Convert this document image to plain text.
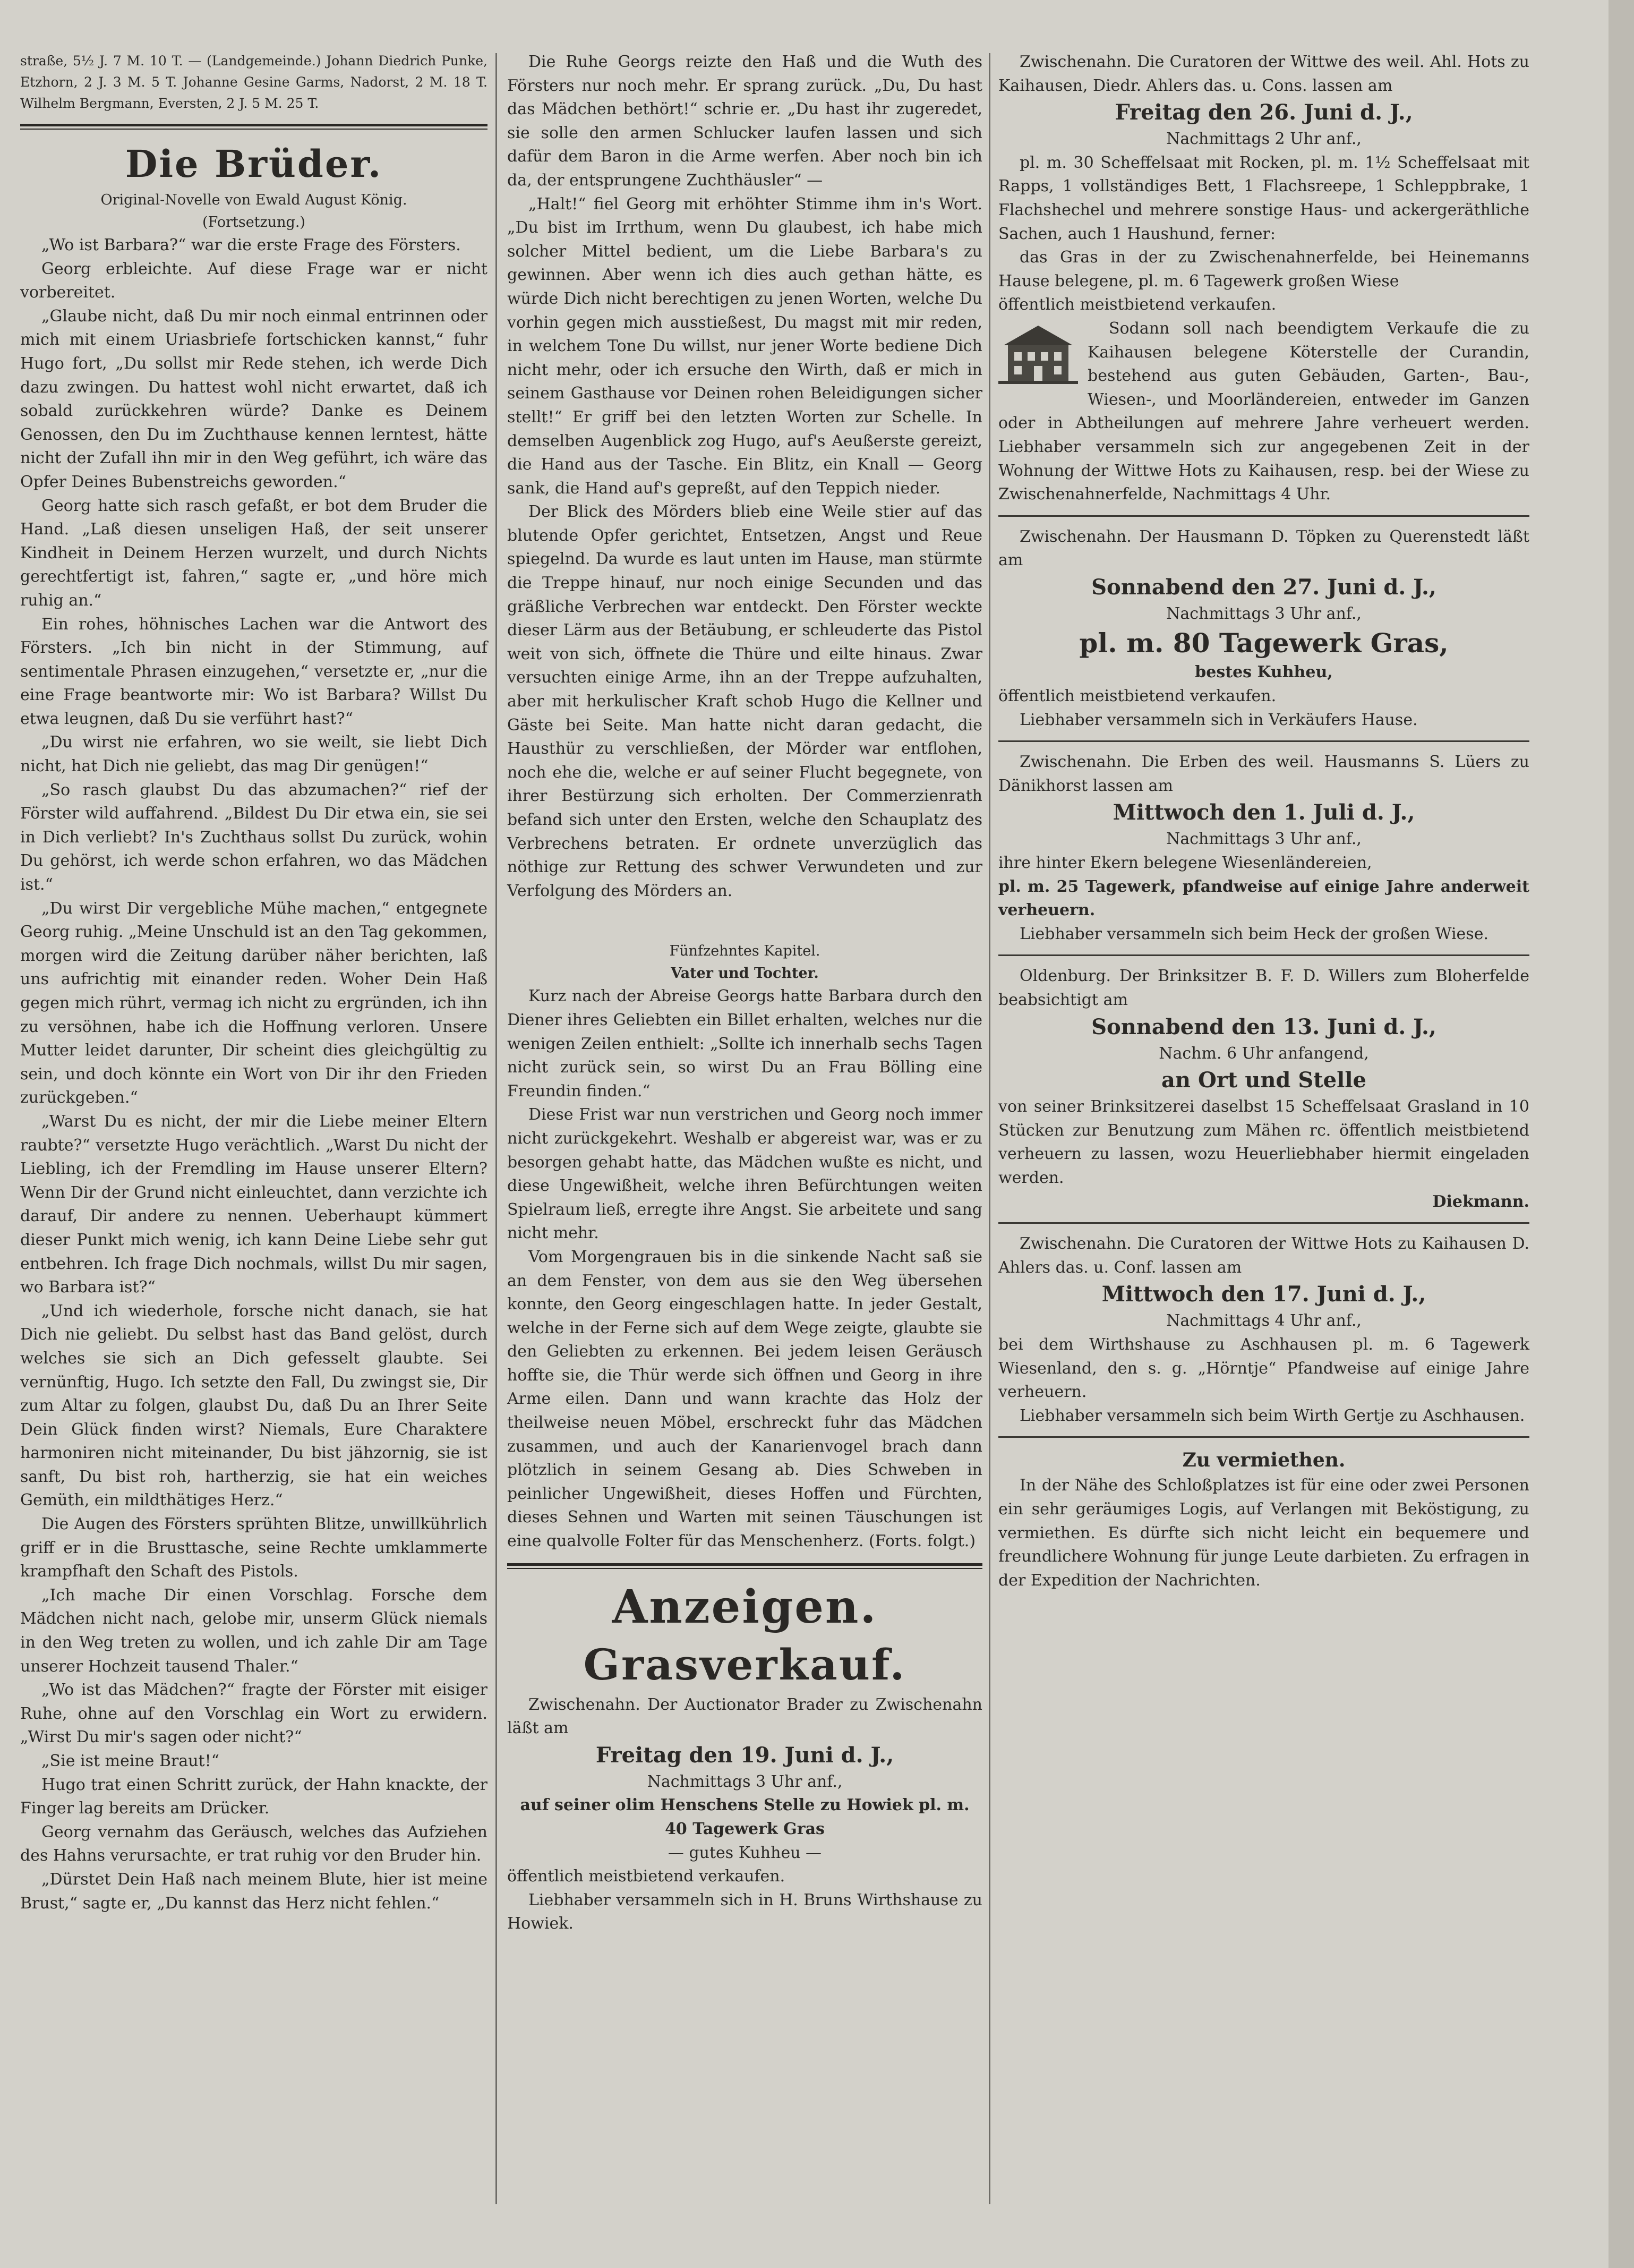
straße, 5½ J. 7 M. 10 T. — (Landgemeinde.) Johann Diedrich Punke, Etzhorn, 2 J. 3 M. 5 T. Johanne Gesine Garms, Nadorst, 2 M. 18 T. Wilhelm Bergmann, Eversten, 2 J. 5 M. 25 T.

Die Brüder.
Original-Novelle von Ewald August König.
(Fortsetzung.)

„Wo ist Barbara?“ war die erste Frage des Försters.

Georg erbleichte. Auf diese Frage war er nicht vorbereitet.

„Glaube nicht, daß Du mir noch einmal entrinnen oder mich mit einem Uriasbriefe fortschicken kannst,“ fuhr Hugo fort, „Du sollst mir Rede stehen, ich werde Dich dazu zwingen. Du hattest wohl nicht erwartet, daß ich sobald zurückkehren würde? Danke es Deinem Genossen, den Du im Zuchthause kennen lerntest, hätte nicht der Zufall ihn mir in den Weg geführt, ich wäre das Opfer Deines Bubenstreichs geworden.“

Georg hatte sich rasch gefaßt, er bot dem Bruder die Hand. „Laß diesen unseligen Haß, der seit unserer Kindheit in Deinem Herzen wurzelt, und durch Nichts gerechtfertigt ist, fahren,“ sagte er, „und höre mich ruhig an.“

Ein rohes, höhnisches Lachen war die Antwort des Försters. „Ich bin nicht in der Stimmung, auf sentimentale Phrasen einzugehen,“ versetzte er, „nur die eine Frage beantworte mir: Wo ist Barbara? Willst Du etwa leugnen, daß Du sie verführt hast?“

„Du wirst nie erfahren, wo sie weilt, sie liebt Dich nicht, hat Dich nie geliebt, das mag Dir genügen!“

„So rasch glaubst Du das abzumachen?“ rief der Förster wild auffahrend. „Bildest Du Dir etwa ein, sie sei in Dich verliebt? In's Zuchthaus sollst Du zurück, wohin Du gehörst, ich werde schon erfahren, wo das Mädchen ist.“

„Du wirst Dir vergebliche Mühe machen,“ entgegnete Georg ruhig. „Meine Unschuld ist an den Tag gekommen, morgen wird die Zeitung darüber näher berichten, laß uns aufrichtig mit einander reden. Woher Dein Haß gegen mich rührt, vermag ich nicht zu ergründen, ich ihn zu versöhnen, habe ich die Hoffnung verloren. Unsere Mutter leidet darunter, Dir scheint dies gleichgültig zu sein, und doch könnte ein Wort von Dir ihr den Frieden zurückgeben.“

„Warst Du es nicht, der mir die Liebe meiner Eltern raubte?“ versetzte Hugo verächtlich. „Warst Du nicht der Liebling, ich der Fremdling im Hause unserer Eltern? Wenn Dir der Grund nicht einleuchtet, dann verzichte ich darauf, Dir andere zu nennen. Ueberhaupt kümmert dieser Punkt mich wenig, ich kann Deine Liebe sehr gut entbehren. Ich frage Dich nochmals, willst Du mir sagen, wo Barbara ist?“

„Und ich wiederhole, forsche nicht danach, sie hat Dich nie geliebt. Du selbst hast das Band gelöst, durch welches sie sich an Dich gefesselt glaubte. Sei vernünftig, Hugo. Ich setzte den Fall, Du zwingst sie, Dir zum Altar zu folgen, glaubst Du, daß Du an Ihrer Seite Dein Glück finden wirst? Niemals, Eure Charaktere harmoniren nicht miteinander, Du bist jähzornig, sie ist sanft, Du bist roh, hartherzig, sie hat ein weiches Gemüth, ein mildthätiges Herz.“

Die Augen des Försters sprühten Blitze, unwillkührlich griff er in die Brusttasche, seine Rechte umklammerte krampfhaft den Schaft des Pistols.

„Ich mache Dir einen Vorschlag. Forsche dem Mädchen nicht nach, gelobe mir, unserm Glück niemals in den Weg treten zu wollen, und ich zahle Dir am Tage unserer Hochzeit tausend Thaler.“

„Wo ist das Mädchen?“ fragte der Förster mit eisiger Ruhe, ohne auf den Vorschlag ein Wort zu erwidern. „Wirst Du mir's sagen oder nicht?“

„Sie ist meine Braut!“

Hugo trat einen Schritt zurück, der Hahn knackte, der Finger lag bereits am Drücker.

Georg vernahm das Geräusch, welches das Aufziehen des Hahns verursachte, er trat ruhig vor den Bruder hin.

„Dürstet Dein Haß nach meinem Blute, hier ist meine Brust,“ sagte er, „Du kannst das Herz nicht fehlen.“

Die Ruhe Georgs reizte den Haß und die Wuth des Försters nur noch mehr. Er sprang zurück. „Du, Du hast das Mädchen bethört!“ schrie er. „Du hast ihr zugeredet, sie solle den armen Schlucker laufen lassen und sich dafür dem Baron in die Arme werfen. Aber noch bin ich da, der entsprungene Zuchthäusler“ —

„Halt!“ fiel Georg mit erhöhter Stimme ihm in's Wort. „Du bist im Irrthum, wenn Du glaubest, ich habe mich solcher Mittel bedient, um die Liebe Barbara's zu gewinnen. Aber wenn ich dies auch gethan hätte, es würde Dich nicht berechtigen zu jenen Worten, welche Du vorhin gegen mich ausstießest, Du magst mit mir reden, in welchem Tone Du willst, nur jener Worte bediene Dich nicht mehr, oder ich ersuche den Wirth, daß er mich in seinem Gasthause vor Deinen rohen Beleidigungen sicher stellt!“ Er griff bei den letzten Worten zur Schelle. In demselben Augenblick zog Hugo, auf's Aeußerste gereizt, die Hand aus der Tasche. Ein Blitz, ein Knall — Georg sank, die Hand auf's gepreßt, auf den Teppich nieder.

Der Blick des Mörders blieb eine Weile stier auf das blutende Opfer gerichtet, Entsetzen, Angst und Reue spiegelnd. Da wurde es laut unten im Hause, man stürmte die Treppe hinauf, nur noch einige Secunden und das gräßliche Verbrechen war entdeckt. Den Förster weckte dieser Lärm aus der Betäubung, er schleuderte das Pistol weit von sich, öffnete die Thüre und eilte hinaus. Zwar versuchten einige Arme, ihn an der Treppe aufzuhalten, aber mit herkulischer Kraft schob Hugo die Kellner und Gäste bei Seite. Man hatte nicht daran gedacht, die Hausthür zu verschließen, der Mörder war entflohen, noch ehe die, welche er auf seiner Flucht begegnete, von ihrer Bestürzung sich erholten. Der Commerzienrath befand sich unter den Ersten, welche den Schauplatz des Verbrechens betraten. Er ordnete unverzüglich das nöthige zur Rettung des schwer Verwundeten und zur Verfolgung des Mörders an.

Fünfzehntes Kapitel.
Vater und Tochter.

Kurz nach der Abreise Georgs hatte Barbara durch den Diener ihres Geliebten ein Billet erhalten, welches nur die wenigen Zeilen enthielt: „Sollte ich innerhalb sechs Tagen nicht zurück sein, so wirst Du an Frau Bölling eine Freundin finden.“

Diese Frist war nun verstrichen und Georg noch immer nicht zurückgekehrt. Weshalb er abgereist war, was er zu besorgen gehabt hatte, das Mädchen wußte es nicht, und diese Ungewißheit, welche ihren Befürchtungen weiten Spielraum ließ, erregte ihre Angst. Sie arbeitete und sang nicht mehr.

Vom Morgengrauen bis in die sinkende Nacht saß sie an dem Fenster, von dem aus sie den Weg übersehen konnte, den Georg eingeschlagen hatte. In jeder Gestalt, welche in der Ferne sich auf dem Wege zeigte, glaubte sie den Geliebten zu erkennen. Bei jedem leisen Geräusch hoffte sie, die Thür werde sich öffnen und Georg in ihre Arme eilen. Dann und wann krachte das Holz der theilweise neuen Möbel, erschreckt fuhr das Mädchen zusammen, und auch der Kanarienvogel brach dann plötzlich in seinem Gesang ab. Dies Schweben in peinlicher Ungewißheit, dieses Hoffen und Fürchten, dieses Sehnen und Warten mit seinen Täuschungen ist eine qualvolle Folter für das Menschenherz. (Forts. folgt.)

Anzeigen.
Grasverkauf.

Zwischenahn. Der Auctionator Brader zu Zwischenahn läßt am

Freitag den 19. Juni d. J.,

Nachmittags 3 Uhr anf.,

auf seiner olim Henschens Stelle zu Howiek pl. m. 40 Tagewerk Gras

— gutes Kuhheu —

öffentlich meistbietend verkaufen.

Liebhaber versammeln sich in H. Bruns Wirthshause zu Howiek.

Zwischenahn. Die Curatoren der Wittwe des weil. Ahl. Hots zu Kaihausen, Diedr. Ahlers das. u. Cons. lassen am

Freitag den 26. Juni d. J.,

Nachmittags 2 Uhr anf.,

pl. m. 30 Scheffelsaat mit Rocken, pl. m. 1½ Scheffelsaat mit Rapps, 1 vollständiges Bett, 1 Flachsreepe, 1 Schleppbrake, 1 Flachshechel und mehrere sonstige Haus- und ackergeräthliche Sachen, auch 1 Haushund, ferner:

das Gras in der zu Zwischenahnerfelde, bei Heinemanns Hause belegene, pl. m. 6 Tagewerk großen Wiese

öffentlich meistbietend verkaufen.

Sodann soll nach beendigtem Verkaufe die zu Kaihausen belegene Köterstelle der Curandin, bestehend aus guten Gebäuden, Garten-, Bau-, Wiesen-, und Moorländereien, entweder im Ganzen oder in Abtheilungen auf mehrere Jahre verheuert werden. Liebhaber versammeln sich zur angegebenen Zeit in der Wohnung der Wittwe Hots zu Kaihausen, resp. bei der Wiese zu Zwischenahnerfelde, Nachmittags 4 Uhr.

Zwischenahn. Der Hausmann D. Töpken zu Querenstedt läßt am

Sonnabend den 27. Juni d. J.,

Nachmittags 3 Uhr anf.,

pl. m. 80 Tagewerk Gras,

bestes Kuhheu,

öffentlich meistbietend verkaufen.

Liebhaber versammeln sich in Verkäufers Hause.

Zwischenahn. Die Erben des weil. Hausmanns S. Lüers zu Dänikhorst lassen am

Mittwoch den 1. Juli d. J.,

Nachmittags 3 Uhr anf.,

ihre hinter Ekern belegene Wiesenländereien,

pl. m. 25 Tagewerk, pfandweise auf einige Jahre anderweit verheuern.

Liebhaber versammeln sich beim Heck der großen Wiese.

Oldenburg. Der Brinksitzer B. F. D. Willers zum Bloherfelde beabsichtigt am

Sonnabend den 13. Juni d. J.,

Nachm. 6 Uhr anfangend,

an Ort und Stelle

von seiner Brinksitzerei daselbst 15 Scheffelsaat Grasland in 10 Stücken zur Benutzung zum Mähen rc. öffentlich meistbietend verheuern zu lassen, wozu Heuerliebhaber hiermit eingeladen werden.

Diekmann.

Zwischenahn. Die Curatoren der Wittwe Hots zu Kaihausen D. Ahlers das. u. Conf. lassen am

Mittwoch den 17. Juni d. J.,

Nachmittags 4 Uhr anf.,

bei dem Wirthshause zu Aschhausen pl. m. 6 Tagewerk Wiesenland, den s. g. „Hörntje“ Pfandweise auf einige Jahre verheuern.

Liebhaber versammeln sich beim Wirth Gertje zu Aschhausen.

Zu vermiethen.

In der Nähe des Schloßplatzes ist für eine oder zwei Personen ein sehr geräumiges Logis, auf Verlangen mit Beköstigung, zu vermiethen. Es dürfte sich nicht leicht ein bequemere und freundlichere Wohnung für junge Leute darbieten. Zu erfragen in der Expedition der Nachrichten.
